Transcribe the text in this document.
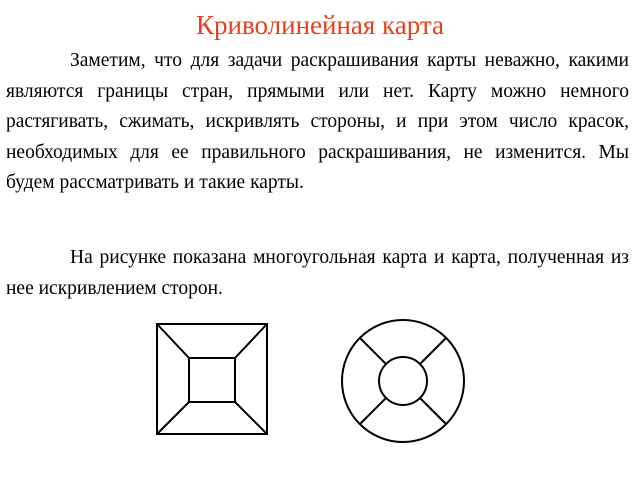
Криволинейная карта

Заметим, что для задачи раскрашивания карты неважно, какими являются границы стран, прямыми или нет. Карту можно немного растягивать, сжимать, искривлять стороны, и при этом число красок, необходимых для ее правильного раскрашивания, не изменится. Мы будем рассматривать и такие карты.

На рисунке показана многоугольная карта и карта, полученная из нее искривлением сторон.
